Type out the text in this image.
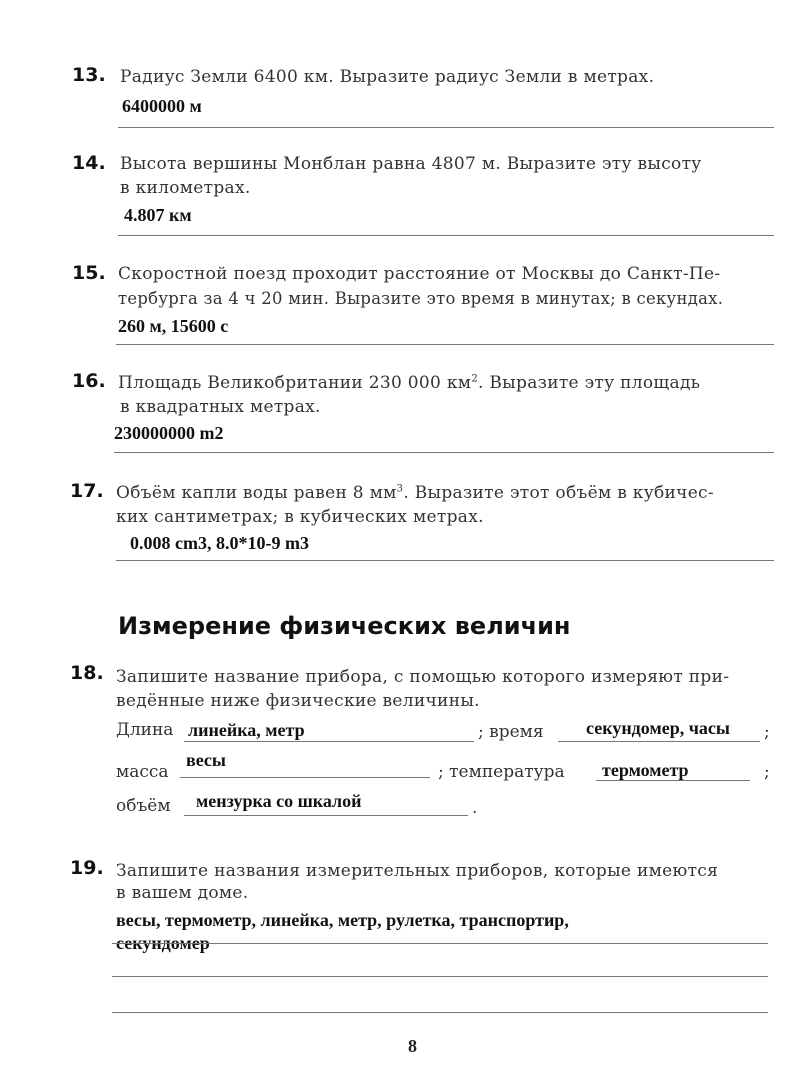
13. Радиус Земли 6400 км. Выразите радиус Земли в метрах.
6400000 м
14. Высота вершины Монблан равна 4807 м. Выразите эту высоту
в километрах.
4.807 км
15. Скоростной поезд проходит расстояние от Москвы до Санкт-Пе-
тербурга за 4 ч 20 мин. Выразите это время в минутах; в секундах.
260 м, 15600 с
16. Площадь Великобритании 230 000 $км^2$. Выразите эту площадь
в квадратных метрах.
230000000 m2
17. Объём капли воды равен 8 $мм^3$. Выразите этот объём в кубичес-
ких сантиметрах; в кубических метрах.
0.008 cm3, 8.0*10-9 m3
Измерение физических величин
18. Запишите название прибора, с помощью которого измеряют при-
ведённые ниже физические величины.
Длина линейка, метр	; время секундомер, часы ;
масса
весы
; температура термометр	;
объём мензурка со шкалой	.
19. Запишите названия измерительных приборов, которые имеются
в вашем доме.
весы, термометр, линейка, метр, рулетка, транспортир,
секундомер
8
